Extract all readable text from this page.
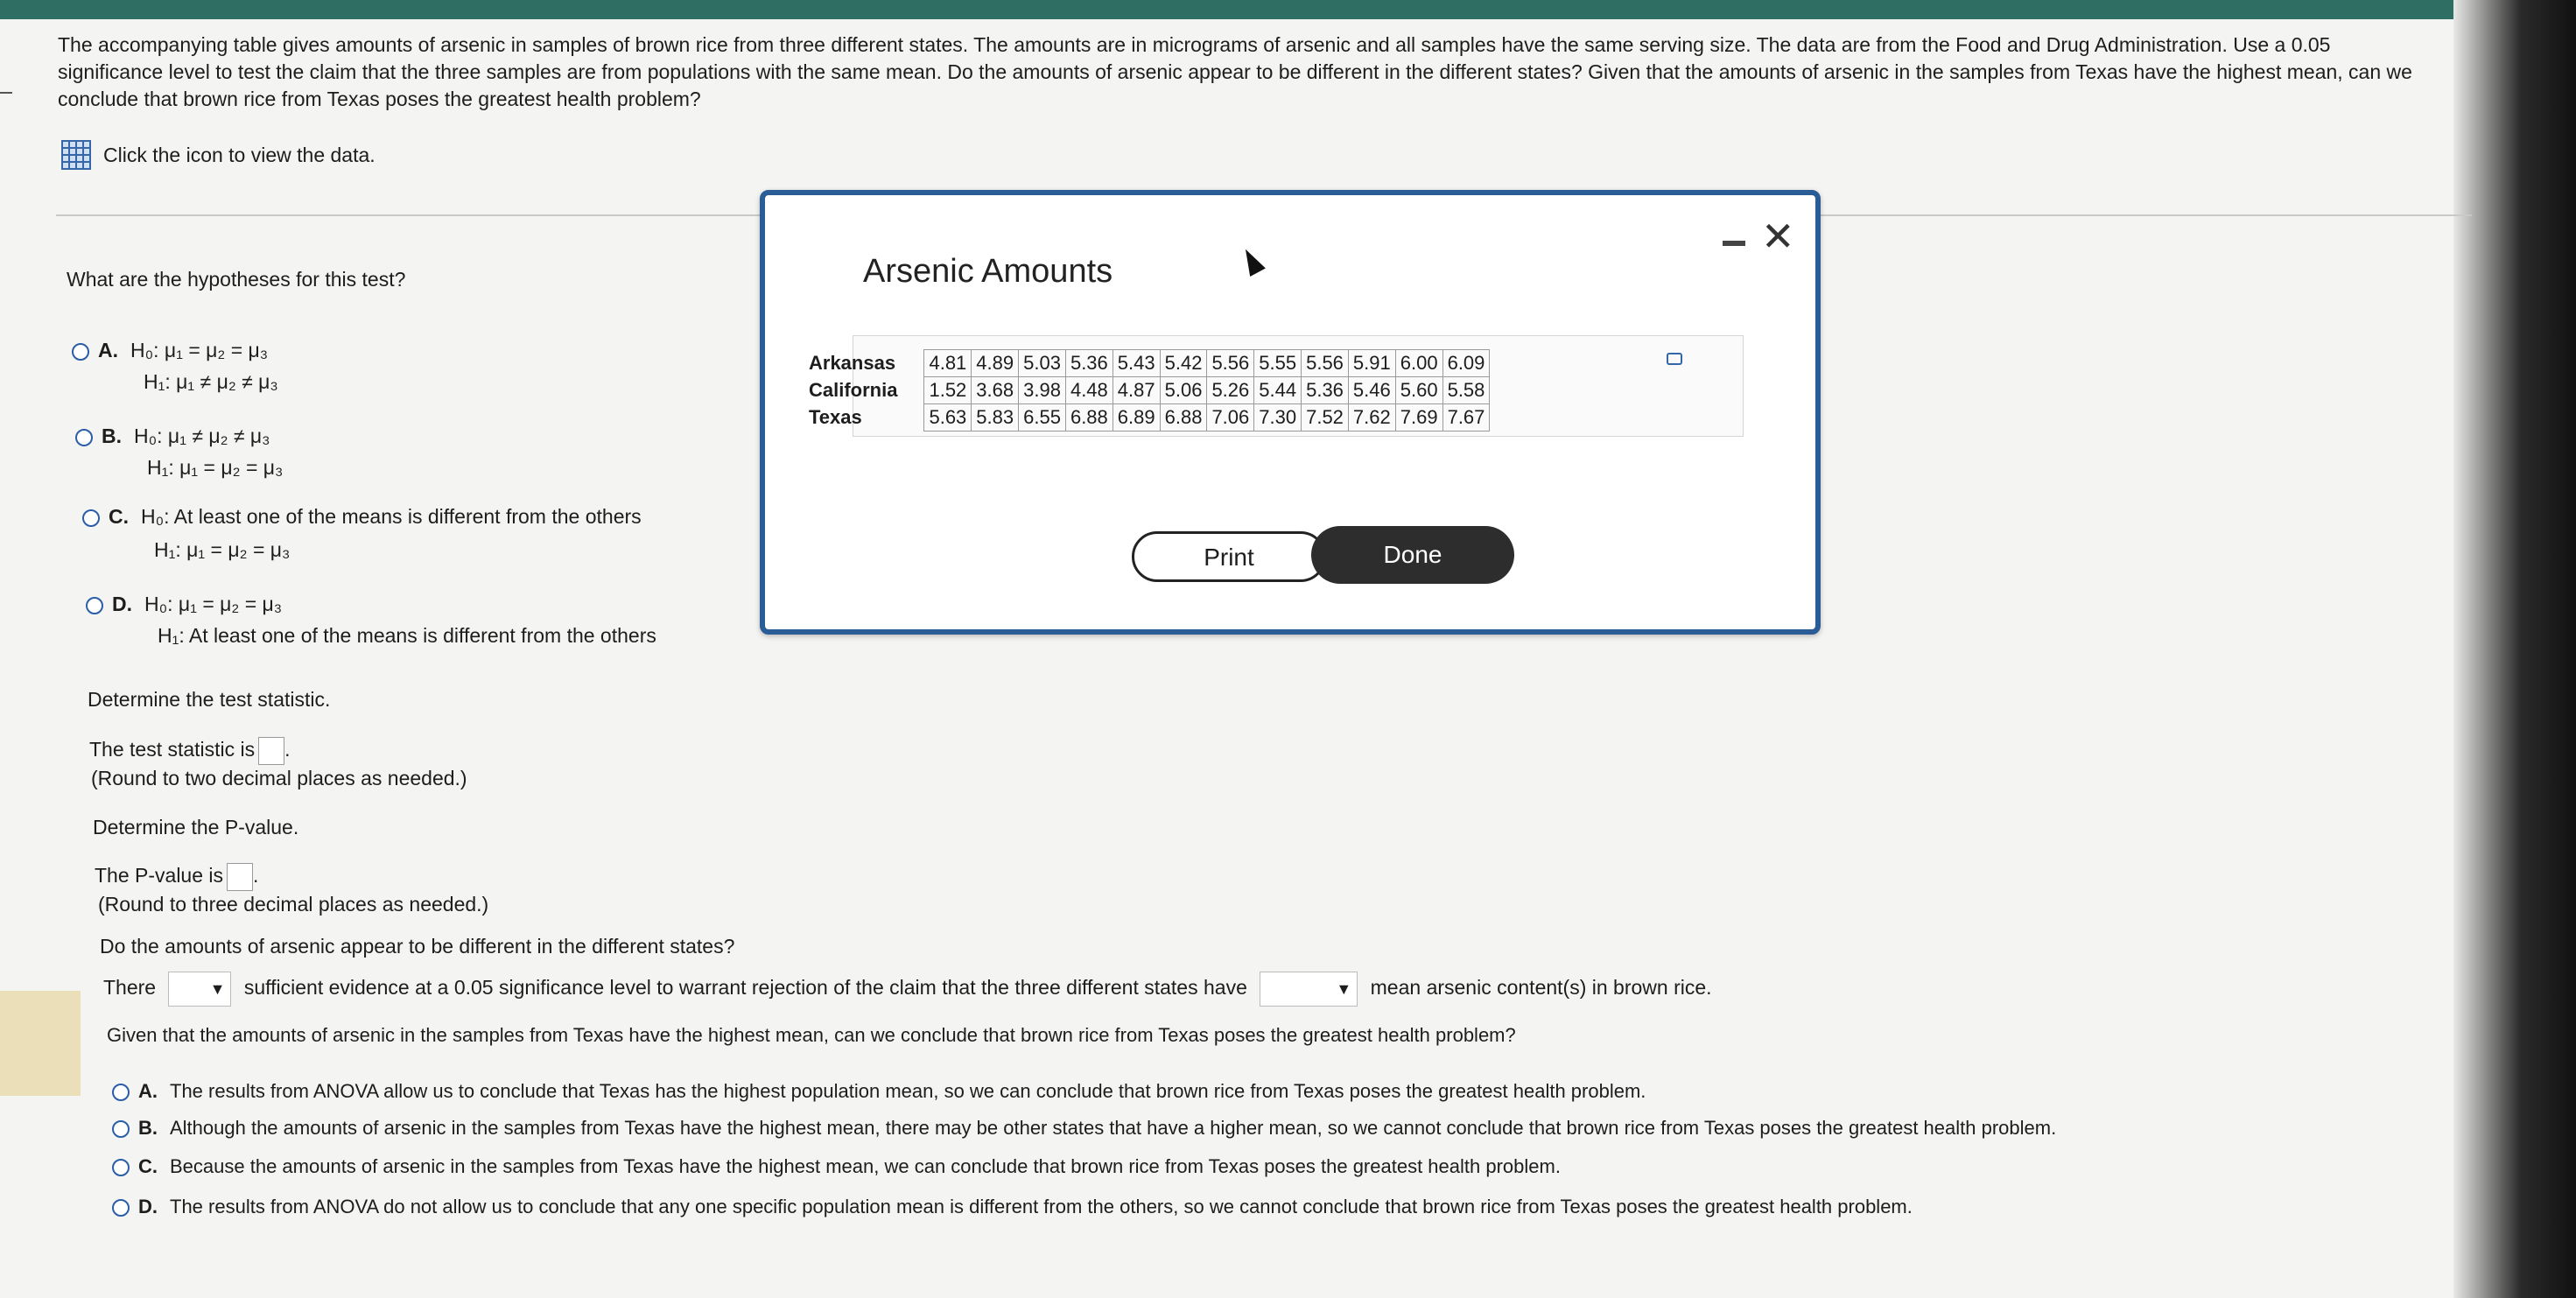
The accompanying table gives amounts of arsenic in samples of brown rice from three different states. The amounts are in micrograms of arsenic and all samples have the same serving size. The data are from the Food and Drug Administration. Use a 0.05 significance level to test the claim that the three samples are from populations with the same mean. Do the amounts of arsenic appear to be different in the different states? Given that the amounts of arsenic in the samples from Texas have the highest mean, can we conclude that brown rice from Texas poses the greatest health problem?
Click the icon to view the data.
What are the hypotheses for this test?
A. H₀: μ₁ = μ₂ = μ₃
H₁: μ₁ ≠ μ₂ ≠ μ₃
B. H₀: μ₁ ≠ μ₂ ≠ μ₃
H₁: μ₁ = μ₂ = μ₃
C. H₀: At least one of the means is different from the others
H₁: μ₁ = μ₂ = μ₃
D. H₀: μ₁ = μ₂ = μ₃
H₁: At least one of the means is different from the others
Determine the test statistic.
The test statistic is .
(Round to two decimal places as needed.)
Determine the P-value.
The P-value is .
(Round to three decimal places as needed.)
Do the amounts of arsenic appear to be different in the different states?
There	▼ sufficient evidence at a 0.05 significance level to warrant rejection of the claim that the three different states have	▼ mean arsenic content(s) in brown rice.
Given that the amounts of arsenic in the samples from Texas have the highest mean, can we conclude that brown rice from Texas poses the greatest health problem?
A. The results from ANOVA allow us to conclude that Texas has the highest population mean, so we can conclude that brown rice from Texas poses the greatest health problem.
B. Although the amounts of arsenic in the samples from Texas have the highest mean, there may be other states that have a higher mean, so we cannot conclude that brown rice from Texas poses the greatest health problem.
C. Because the amounts of arsenic in the samples from Texas have the highest mean, we can conclude that brown rice from Texas poses the greatest health problem.
D. The results from ANOVA do not allow us to conclude that any one specific population mean is different from the others, so we cannot conclude that brown rice from Texas poses the greatest health problem.
Arsenic Amounts
✕
Arkansas	4.81	4.89	5.03	5.36	5.43	5.42	5.56	5.55	5.56	5.91	6.00	6.09
California	1.52	3.68	3.98	4.48	4.87	5.06	5.26	5.44	5.36	5.46	5.60	5.58
Texas	5.63	5.83	6.55	6.88	6.89	6.88	7.06	7.30	7.52	7.62	7.69	7.67
Print	Done
